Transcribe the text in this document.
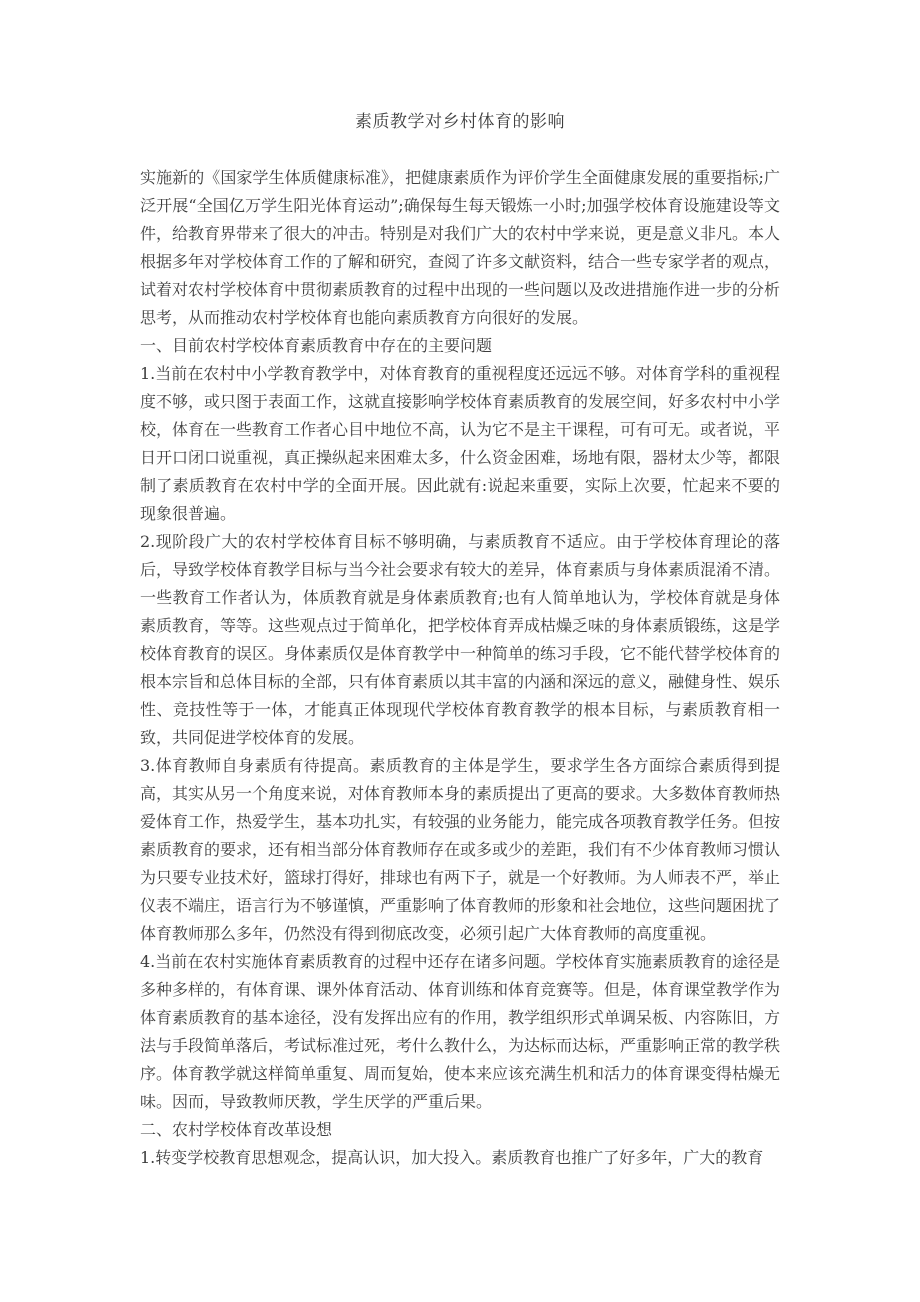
素质教学对乡村体育的影响

实施新的《国家学生体质健康标准》，把健康素质作为评价学生全面健康发展的重要指标;广泛开展“全国亿万学生阳光体育运动”;确保每生每天锻炼一小时;加强学校体育设施建设等文件，给教育界带来了很大的冲击。特别是对我们广大的农村中学来说，更是意义非凡。本人根据多年对学校体育工作的了解和研究，查阅了许多文献资料，结合一些专家学者的观点，试着对农村学校体育中贯彻素质教育的过程中出现的一些问题以及改进措施作进一步的分析思考，从而推动农村学校体育也能向素质教育方向很好的发展。

一、目前农村学校体育素质教育中存在的主要问题

1.当前在农村中小学教育教学中，对体育教育的重视程度还远远不够。对体育学科的重视程度不够，或只图于表面工作，这就直接影响学校体育素质教育的发展空间，好多农村中小学校，体育在一些教育工作者心目中地位不高，认为它不是主干课程，可有可无。或者说，平日开口闭口说重视，真正操纵起来困难太多，什么资金困难，场地有限，器材太少等，都限制了素质教育在农村中学的全面开展。因此就有:说起来重要，实际上次要，忙起来不要的现象很普遍。

2.现阶段广大的农村学校体育目标不够明确，与素质教育不适应。由于学校体育理论的落后，导致学校体育教学目标与当今社会要求有较大的差异，体育素质与身体素质混淆不清。一些教育工作者认为，体质教育就是身体素质教育;也有人简单地认为，学校体育就是身体素质教育，等等。这些观点过于简单化，把学校体育弄成枯燥乏味的身体素质锻练，这是学校体育教育的误区。身体素质仅是体育教学中一种简单的练习手段，它不能代替学校体育的根本宗旨和总体目标的全部，只有体育素质以其丰富的内涵和深远的意义，融健身性、娱乐性、竞技性等于一体，才能真正体现现代学校体育教育教学的根本目标，与素质教育相一致，共同促进学校体育的发展。

3.体育教师自身素质有待提高。素质教育的主体是学生，要求学生各方面综合素质得到提高，其实从另一个角度来说，对体育教师本身的素质提出了更高的要求。大多数体育教师热爱体育工作，热爱学生，基本功扎实，有较强的业务能力，能完成各项教育教学任务。但按素质教育的要求，还有相当部分体育教师存在或多或少的差距，我们有不少体育教师习惯认为只要专业技术好，篮球打得好，排球也有两下子，就是一个好教师。为人师表不严，举止仪表不端庄，语言行为不够谨慎，严重影响了体育教师的形象和社会地位，这些问题困扰了体育教师那么多年，仍然没有得到彻底改变，必须引起广大体育教师的高度重视。

4.当前在农村实施体育素质教育的过程中还存在诸多问题。学校体育实施素质教育的途径是多种多样的，有体育课、课外体育活动、体育训练和体育竞赛等。但是，体育课堂教学作为体育素质教育的基本途径，没有发挥出应有的作用，教学组织形式单调呆板、内容陈旧，方法与手段简单落后，考试标准过死，考什么教什么，为达标而达标，严重影响正常的教学秩序。体育教学就这样简单重复、周而复始，使本来应该充满生机和活力的体育课变得枯燥无味。因而，导致教师厌教，学生厌学的严重后果。

二、农村学校体育改革设想

1.转变学校教育思想观念，提高认识，加大投入。素质教育也推广了好多年，广大的教育
